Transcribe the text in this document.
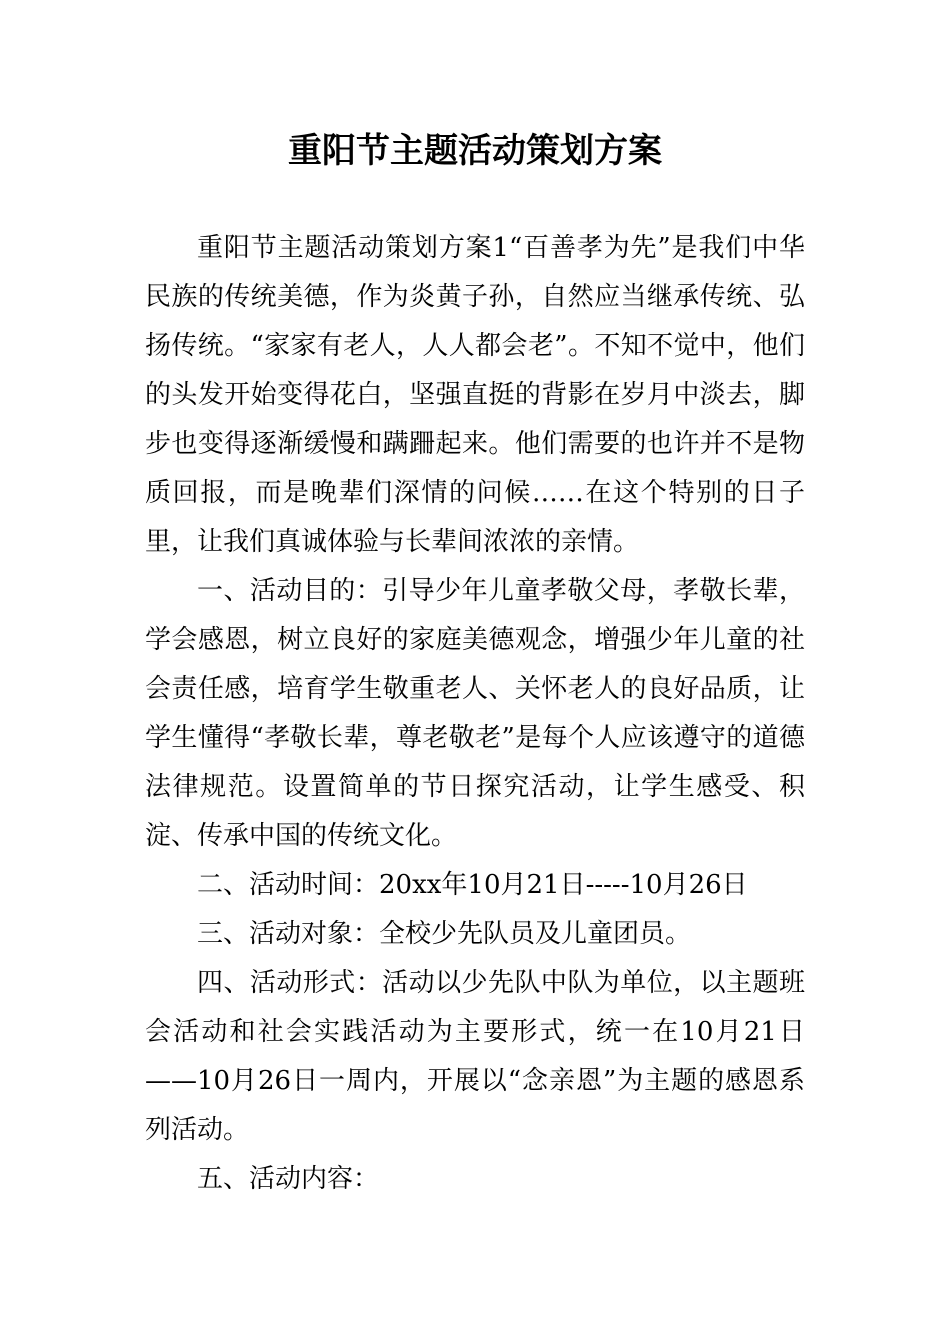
重阳节主题活动策划方案

重阳节主题活动策划方案1“百善孝为先”是我们中华民族的传统美德，作为炎黄子孙，自然应当继承传统、弘扬传统。“家家有老人，人人都会老”。不知不觉中，他们的头发开始变得花白，坚强直挺的背影在岁月中淡去，脚步也变得逐渐缓慢和蹒跚起来。他们需要的也许并不是物质回报，而是晚辈们深情的问候……在这个特别的日子里，让我们真诚体验与长辈间浓浓的亲情。

一、活动目的：引导少年儿童孝敬父母，孝敬长辈，学会感恩，树立良好的家庭美德观念，增强少年儿童的社会责任感，培育学生敬重老人、关怀老人的良好品质，让学生懂得“孝敬长辈，尊老敬老”是每个人应该遵守的道德法律规范。设置简单的节日探究活动，让学生感受、积淀、传承中国的传统文化。

二、活动时间：20xx年10月21日-----10月26日

三、活动对象：全校少先队员及儿童团员。

四、活动形式：活动以少先队中队为单位，以主题班会活动和社会实践活动为主要形式，统一在10月21日——10月26日一周内，开展以“念亲恩”为主题的感恩系列活动。

五、活动内容：
